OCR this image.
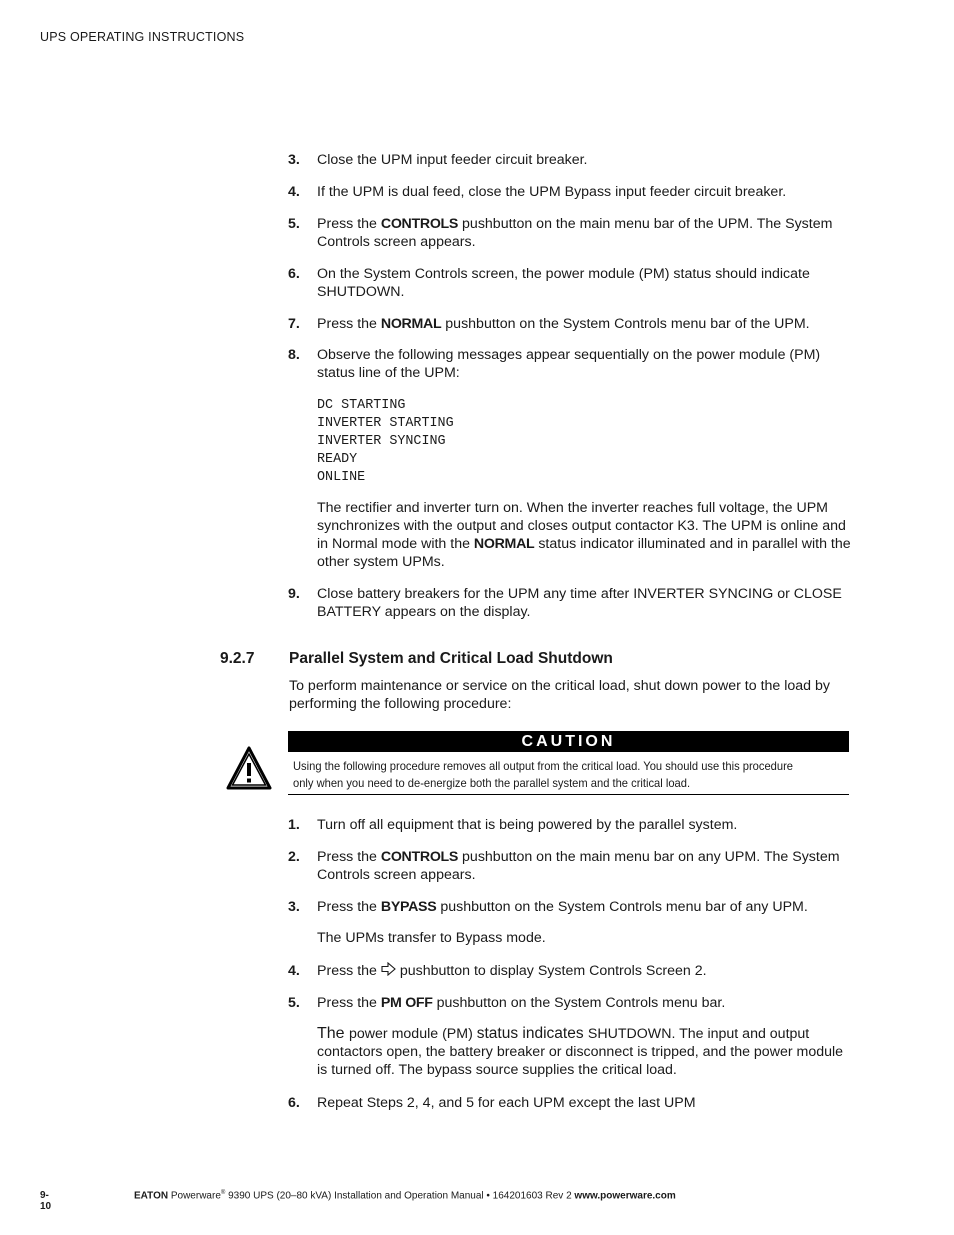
UPS OPERATING INSTRUCTIONS
3. Close the UPM input feeder circuit breaker.
4. If the UPM is dual feed, close the UPM Bypass input feeder circuit breaker.
5. Press the CONTROLS pushbutton on the main menu bar of the UPM. The System Controls screen appears.
6. On the System Controls screen, the power module (PM) status should indicate SHUTDOWN.
7. Press the NORMAL pushbutton on the System Controls menu bar of the UPM.
8. Observe the following messages appear sequentially on the power module (PM) status line of the UPM:
DC STARTING
INVERTER STARTING
INVERTER SYNCING
READY
ONLINE
The rectifier and inverter turn on. When the inverter reaches full voltage, the UPM synchronizes with the output and closes output contactor K3. The UPM is online and in Normal mode with the NORMAL status indicator illuminated and in parallel with the other system UPMs.
9. Close battery breakers for the UPM any time after INVERTER SYNCING or CLOSE BATTERY appears on the display.
9.2.7 Parallel System and Critical Load Shutdown
To perform maintenance or service on the critical load, shut down power to the load by performing the following procedure:
CAUTION
Using the following procedure removes all output from the critical load. You should use this procedure only when you need to de-energize both the parallel system and the critical load.
1. Turn off all equipment that is being powered by the parallel system.
2. Press the CONTROLS pushbutton on the main menu bar on any UPM. The System Controls screen appears.
3. Press the BYPASS pushbutton on the System Controls menu bar of any UPM.
The UPMs transfer to Bypass mode.
4. Press the  pushbutton to display System Controls Screen 2.
5. Press the PM OFF pushbutton on the System Controls menu bar.
The power module (PM) status indicates SHUTDOWN. The input and output contactors open, the battery breaker or disconnect is tripped, and the power module is turned off. The bypass source supplies the critical load.
6. Repeat Steps 2, 4, and 5 for each UPM except the last UPM
9-10
EATON Powerware® 9390 UPS (20–80 kVA) Installation and Operation Manual • 164201603 Rev 2 www.powerware.com
